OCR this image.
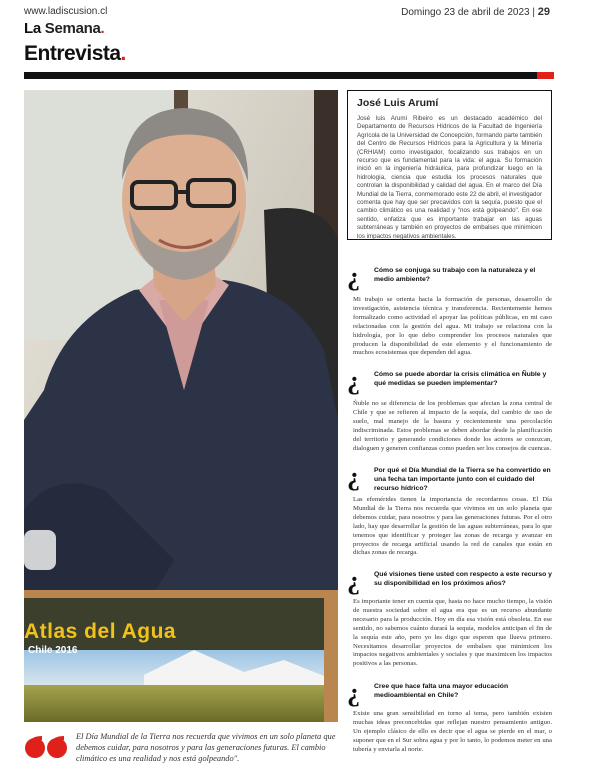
www.ladiscusion.cl	Domingo 23 de abril de 2023 | 29
La Semana.
Entrevista.
Atlas del Agua
Chile 2016
El Día Mundial de la Tierra nos recuerda que vivimos en un solo planeta que debemos cuidar, para nosotros y para las generaciones futuras. El cambio climático es una realidad y nos está golpeando".

José Luis Arumí

José luis Arumí Ribeiro es un destacado académico del Departamento de Recursos Hídricos de la Facultad de Ingeniería Agrícola de la Universidad de Concepción, formando parte también del Centro de Recursos Hídricos para la Agricultura y la Minería (CRHIAM) como investigador, focalizando sus trabajos en un recurso que es fundamental para la vida: el agua. Su formación inició en la ingeniería hidráulica, para profundizar luego en la hidrología, ciencia que estudia los procesos naturales que controlan la disponibilidad y calidad del agua. En el marco del Día Mundial de la Tierra, conmemorado este 22 de abril, el investigador comenta que hay que ser precavidos con la sequía, puesto que el cambio climático es una realidad y "nos está golpeando". En ese sentido, enfatiza que es importante trabajar en las aguas subterráneas y también en proyectos de embalses que minimicen los impactos negativos ambientales.

¿ Cómo se conjuga su trabajo con la naturaleza y el medio ambiente?

Mi trabajo se orienta hacia la formación de personas, desarrollo de investigación, asistencia técnica y transferencia. Recientemente hemos formalizado como actividad el apoyar las políticas públicas, en mi caso relacionadas con la gestión del agua. Mi trabajo se relaciona con la hidrología, por lo que debo comprender los procesos naturales que producen la disponibilidad de este elemento y el funcionamiento de muchos ecosistemas que dependen del agua.

¿ Cómo se puede abordar la crisis climática en Ñuble y qué medidas se pueden implementar?

Ñuble no se diferencia de los problemas que afectan la zona central de Chile y que se refieren al impacto de la sequía, del cambio de uso de suelo, mal manejo de la basura y recientemente una percolación indiscriminada. Estos problemas se deben abordar desde la planificación del territorio y generando condiciones donde los actores se conozcan, dialoguen y generen confianzas como pueden ser los consejos de cuencas.

¿ Por qué el Día Mundial de la Tierra se ha convertido en una fecha tan importante junto con el cuidado del recurso hídrico?

Las efemérides tienen la importancia de recordarnos cosas. El Día Mundial de la Tierra nos recuerda que vivimos en un solo planeta que debemos cuidar, para nosotros y para las generaciones futuras. Por el otro lado, hay que desarrollar la gestión de las aguas subterráneas, para lo que tenemos que identificar y proteger las zonas de recarga y avanzar en proyectos de recarga artificial usando la red de canales que están en dichas zonas de recarga.

¿ Qué visiones tiene usted con respecto a este recurso y su disponibilidad en los próximos años?

Es importante tener en cuenta que, hasta no hace mucho tiempo, la visión de nuestra sociedad sobre el agua era que es un recurso abundante necesario para la producción. Hoy en día esa visión está obsoleta. En ese sentido, no sabemos cuánto durará la sequía, modelos anticipan el fin de la sequía este año, pero yo les digo que esperen que llueva primero. Necesitamos desarrollar proyectos de embalses que minimicen los impactos negativos ambientales y sociales y que maximicen los impactos positivos a las personas.

¿ Cree que hace falta una mayor educación medioambiental en Chile?

Existe una gran sensibilidad en torno al tema, pero también existen muchas ideas preconcebidas que reflejan nuestro pensamiento antiguo. Un ejemplo clásico de ello es decir que el agua se pierde en el mar, o suponer que en el Sur sobra agua y por lo tanto, lo podemos meter en una tubería y enviarla al norte.
